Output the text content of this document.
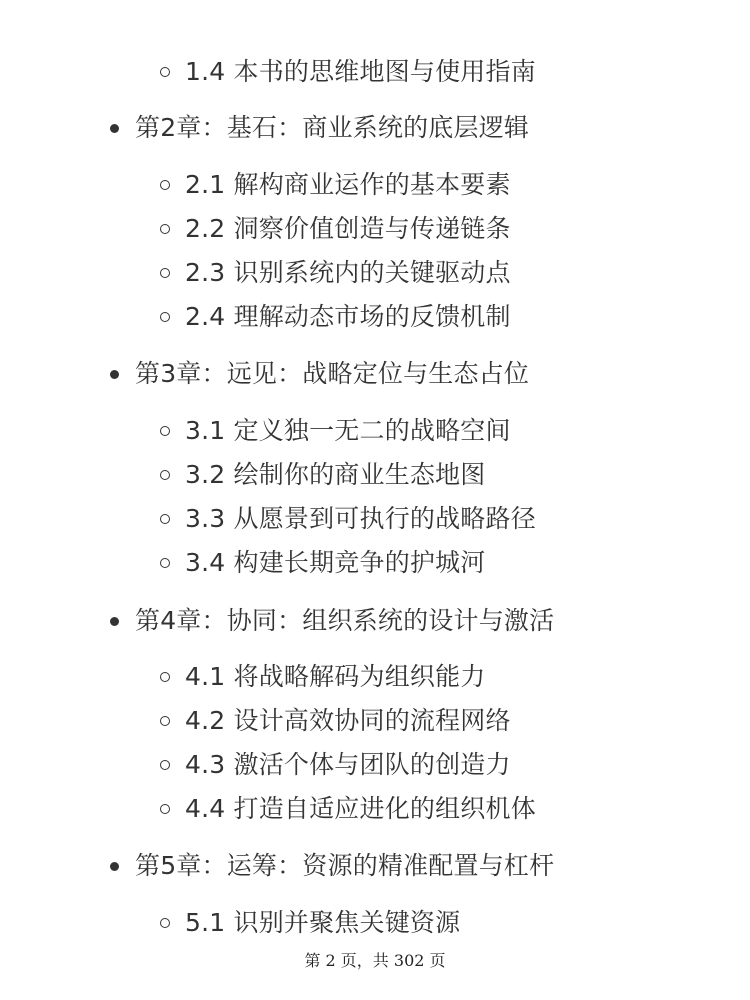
1.4 本书的思维地图与使用指南
第2章：基石：商业系统的底层逻辑
2.1 解构商业运作的基本要素
2.2 洞察价值创造与传递链条
2.3 识别系统内的关键驱动点
2.4 理解动态市场的反馈机制
第3章：远见：战略定位与生态占位
3.1 定义独一无二的战略空间
3.2 绘制你的商业生态地图
3.3 从愿景到可执行的战略路径
3.4 构建长期竞争的护城河
第4章：协同：组织系统的设计与激活
4.1 将战略解码为组织能力
4.2 设计高效协同的流程网络
4.3 激活个体与团队的创造力
4.4 打造自适应进化的组织机体
第5章：运筹：资源的精准配置与杠杆
5.1 识别并聚焦关键资源
第 2 页，共 302 页
